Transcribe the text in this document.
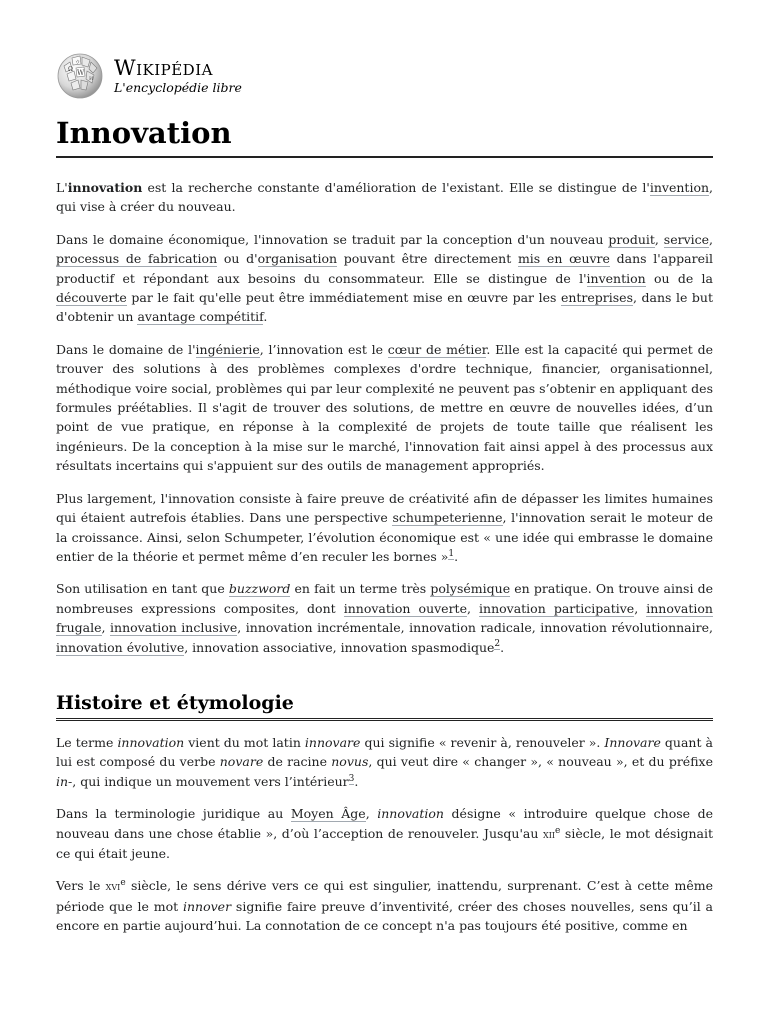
Ω W
И
ウ Wikipédia
L'encyclopédie libre
Innovation

L'innovation est la recherche constante d'amélioration de l'existant. Elle se distingue de l'invention, qui vise à créer du nouveau.

Dans le domaine économique, l'innovation se traduit par la conception d'un nouveau produit, service, processus de fabrication ou d'organisation pouvant être directement mis en œuvre dans l'appareil productif et répondant aux besoins du consommateur. Elle se distingue de l'invention ou de la découverte par le fait qu'elle peut être immédiatement mise en œuvre par les entreprises, dans le but d'obtenir un avantage compétitif.

Dans le domaine de l'ingénierie, l’innovation est le cœur de métier. Elle est la capacité qui permet de trouver des solutions à des problèmes complexes d'ordre technique, financier, organisationnel, méthodique voire social, problèmes qui par leur complexité ne peuvent pas s’obtenir en appliquant des formules préétablies. Il s'agit de trouver des solutions, de mettre en œuvre de nouvelles idées, d’un point de vue pratique, en réponse à la complexité de projets de toute taille que réalisent les ingénieurs. De la conception à la mise sur le marché, l'innovation fait ainsi appel à des processus aux résultats incertains qui s'appuient sur des outils de management appropriés.

Plus largement, l'innovation consiste à faire preuve de créativité afin de dépasser les limites humaines qui étaient autrefois établies. Dans une perspective schumpeterienne, l'innovation serait le moteur de la croissance. Ainsi, selon Schumpeter, l’évolution économique est « une idée qui embrasse le domaine entier de la théorie et permet même d’en reculer les bornes »$^1$.

Son utilisation en tant que buzzword en fait un terme très polysémique en pratique. On trouve ainsi de nombreuses expressions composites, dont innovation ouverte, innovation participative, innovation frugale, innovation inclusive, innovation incrémentale, innovation radicale, innovation révolutionnaire, innovation évolutive, innovation associative, innovation spasmodique$^2$.

Histoire et étymologie

Le terme innovation vient du mot latin innovare qui signifie « revenir à, renouveler ». Innovare quant à lui est composé du verbe novare de racine novus, qui veut dire « changer », « nouveau », et du préfixe in-, qui indique un mouvement vers l’intérieur$^3$.

Dans la terminologie juridique au Moyen Âge, innovation désigne « introduire quelque chose de nouveau dans une chose établie », d’où l’acception de renouveler. Jusqu'au xii$^e$ siècle, le mot désignait ce qui était jeune.

Vers le xvi$^e$ siècle, le sens dérive vers ce qui est singulier, inattendu, surprenant. C’est à cette même période que le mot innover signifie faire preuve d’inventivité, créer des choses nouvelles, sens qu’il a encore en partie aujourd’hui. La connotation de ce concept n'a pas toujours été positive, comme en
